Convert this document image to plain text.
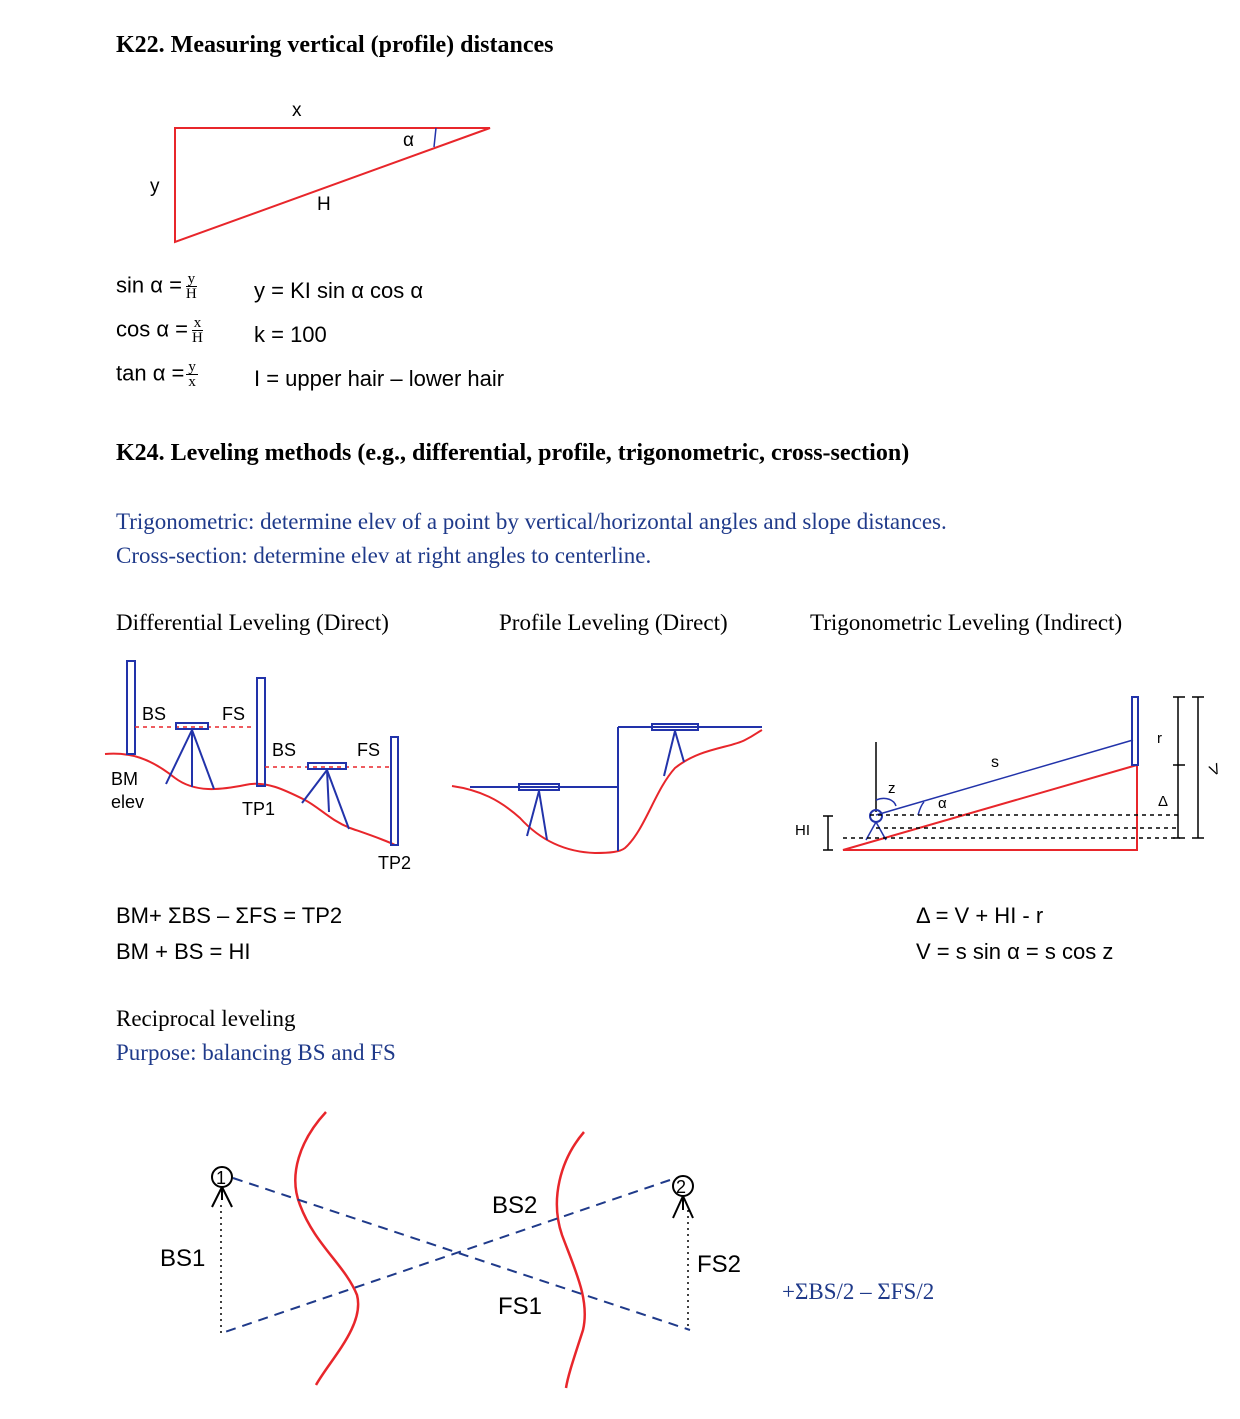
K22. Measuring vertical (profile) distances
x
y
H
α
$\sin \alpha = \frac{y}{H}$
$\cos \alpha = \frac{x}{H}$
$\tan \alpha = \frac{y}{x}$
y = KI sin α cos α
k = 100
I = upper hair – lower hair
K24. Leveling methods (e.g., differential, profile, trigonometric, cross-section)
Trigonometric: determine elev of a point by vertical/horizontal angles and slope distances.
Cross-section: determine elev at right angles to centerline.
Differential Leveling (Direct)	Profile Leveling (Direct)	Trigonometric Leveling (Indirect)
BS	FS
BS	FS
BM
elev	TP1
TP2
r
s
z
α	Δ
HI
V
BM+ ΣBS – ΣFS = TP2
BM + BS = HI
Δ = V + HI - r
V = s sin α = s cos z
Reciprocal leveling
Purpose: balancing BS and FS
1	2
BS1
BS2
FS1
FS2
+ΣBS/2 – ΣFS/2
